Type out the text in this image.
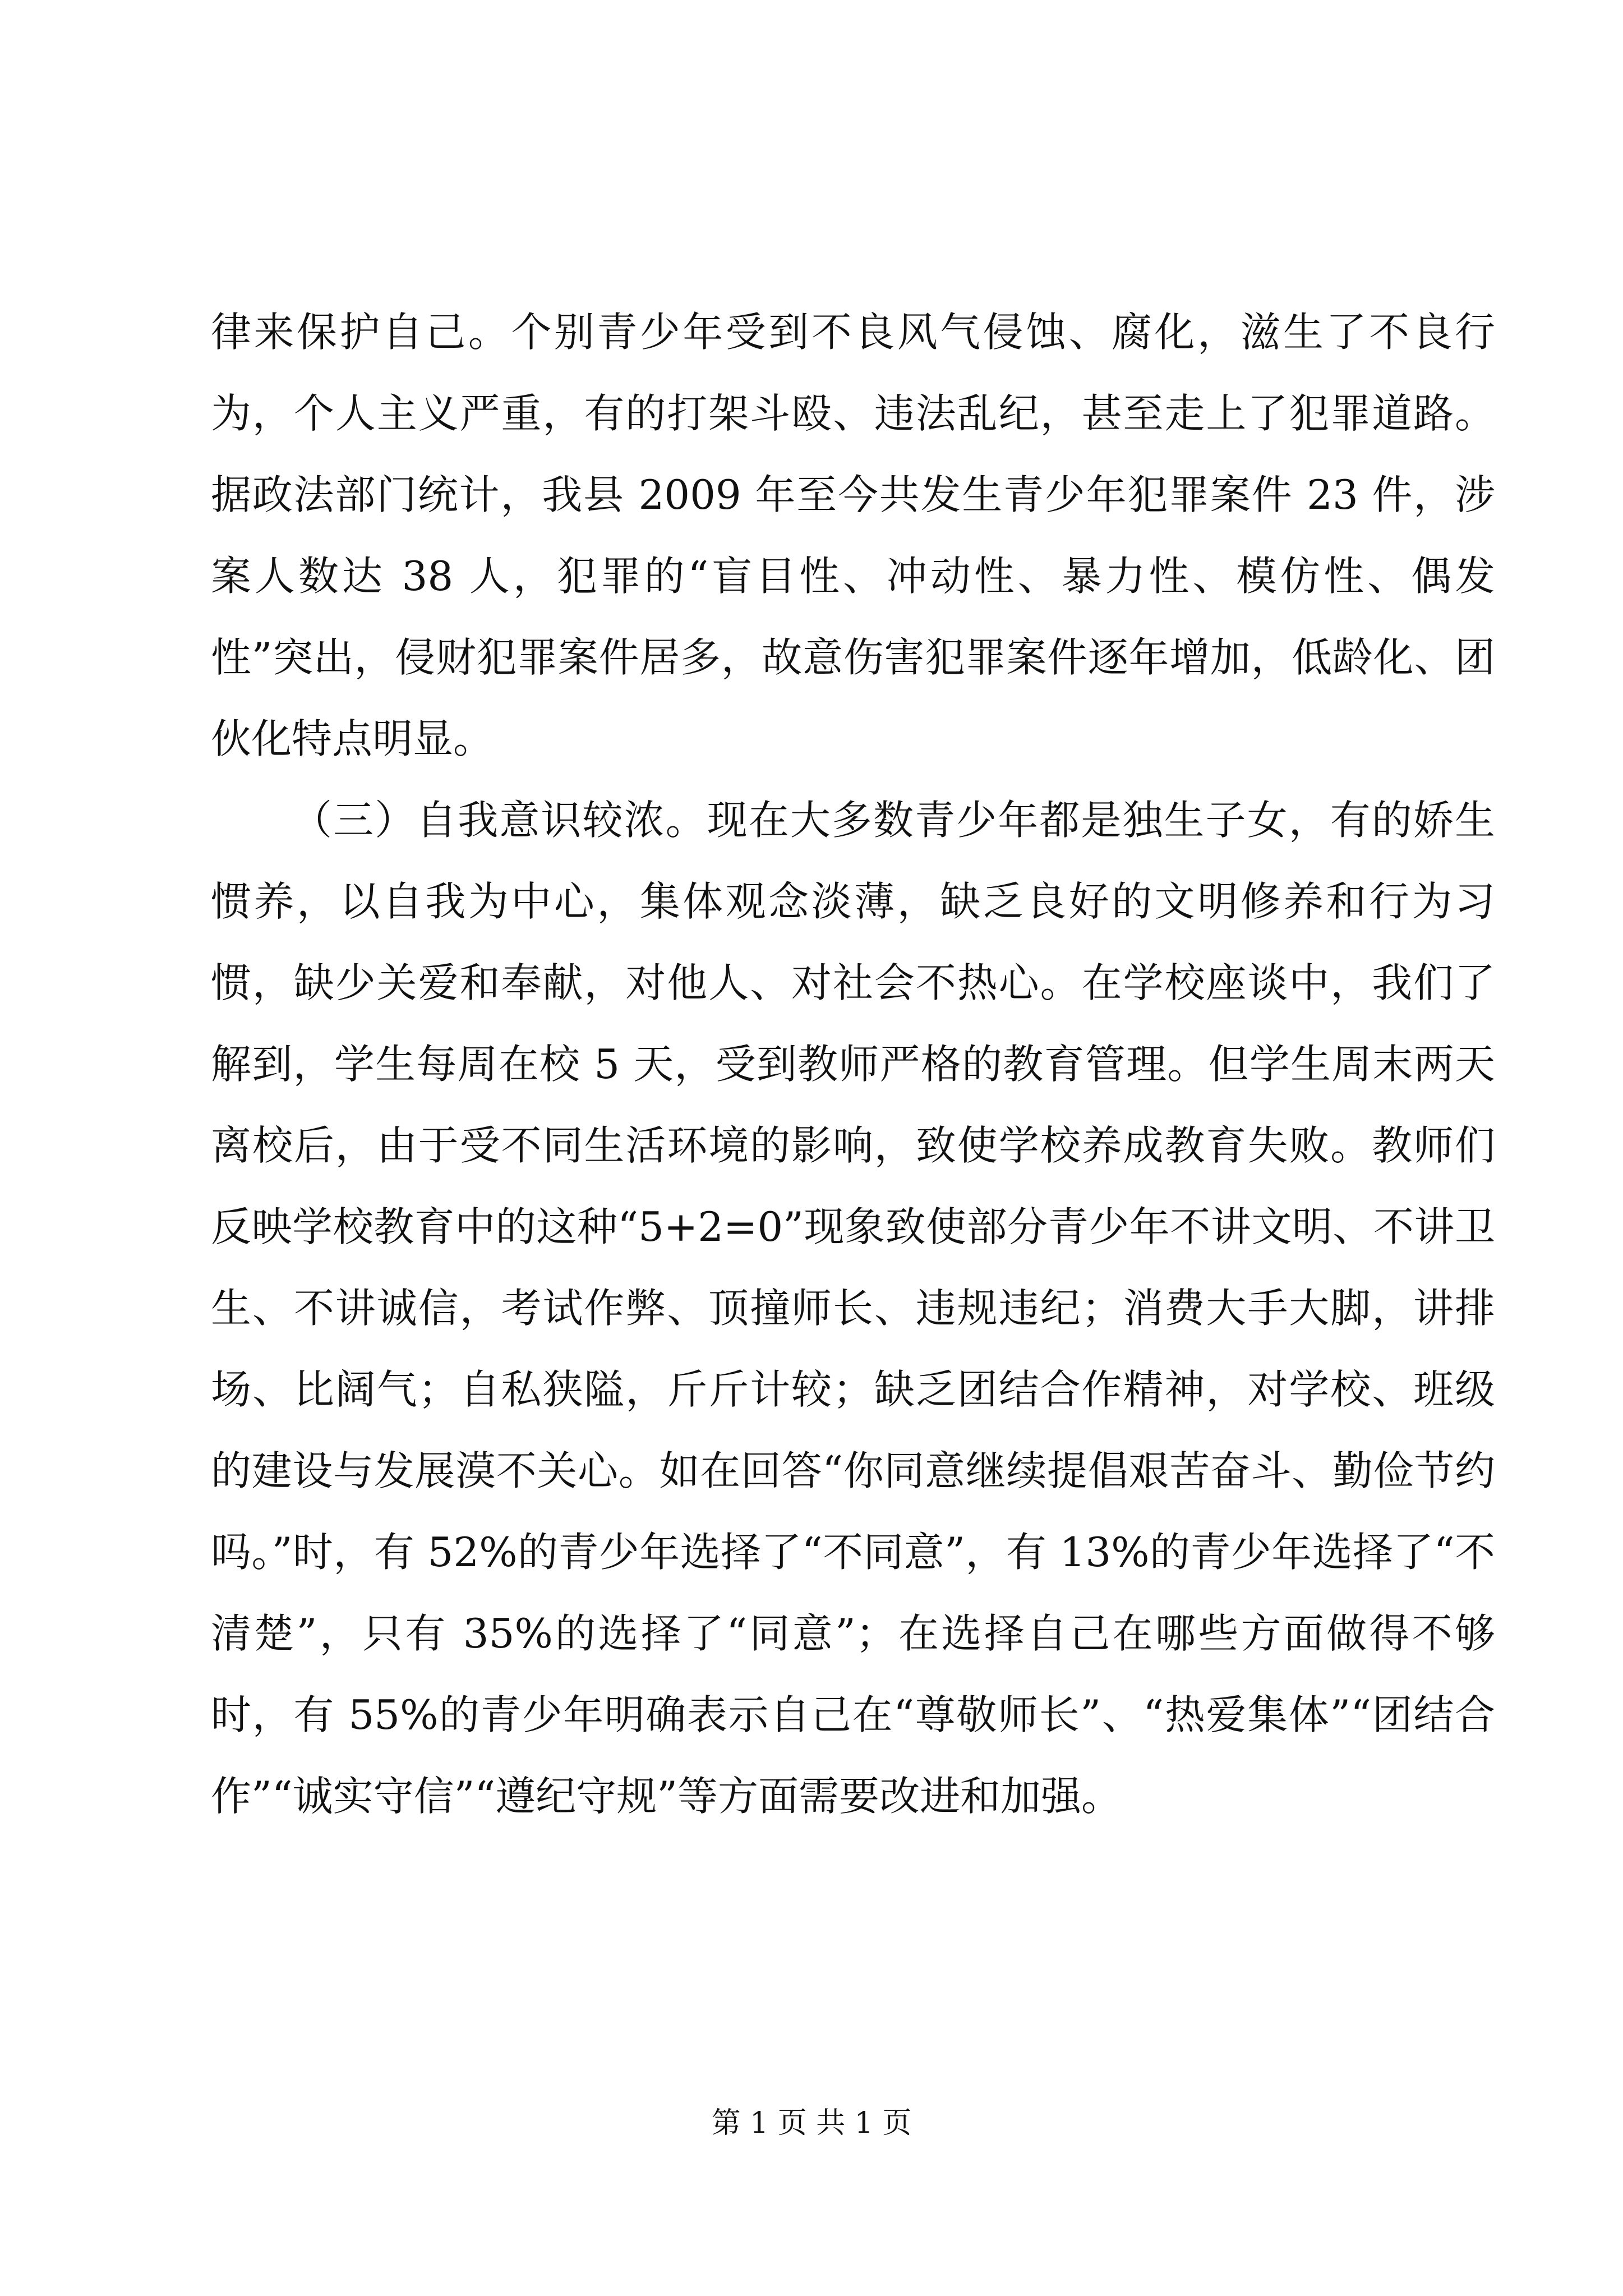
律来保护自己。个别青少年受到不良风气侵蚀、腐化，滋生了不良行为，个人主义严重，有的打架斗殴、违法乱纪，甚至走上了犯罪道路。据政法部门统计，我县 2009 年至今共发生青少年犯罪案件 23 件，涉案人数达 38 人，犯罪的“盲目性、冲动性、暴力性、模仿性、偶发性”突出，侵财犯罪案件居多，故意伤害犯罪案件逐年增加，低龄化、团伙化特点明显。

（三）自我意识较浓。现在大多数青少年都是独生子女，有的娇生惯养，以自我为中心，集体观念淡薄，缺乏良好的文明修养和行为习惯，缺少关爱和奉献，对他人、对社会不热心。在学校座谈中，我们了解到，学生每周在校 5 天，受到教师严格的教育管理。但学生周末两天离校后，由于受不同生活环境的影响，致使学校养成教育失败。教师们反映学校教育中的这种“5+2=0”现象致使部分青少年不讲文明、不讲卫生、不讲诚信，考试作弊、顶撞师长、违规违纪；消费大手大脚，讲排场、比阔气；自私狭隘，斤斤计较；缺乏团结合作精神，对学校、班级的建设与发展漠不关心。如在回答“你同意继续提倡艰苦奋斗、勤俭节约吗。”时，有 52%的青少年选择了“不同意”，有 13%的青少年选择了“不清楚”，只有 35%的选择了“同意”；在选择自己在哪些方面做得不够时，有 55%的青少年明确表示自己在“尊敬师长”、“热爱集体”“团结合作”“诚实守信”“遵纪守规”等方面需要改进和加强。

第 1 页 共 1 页
